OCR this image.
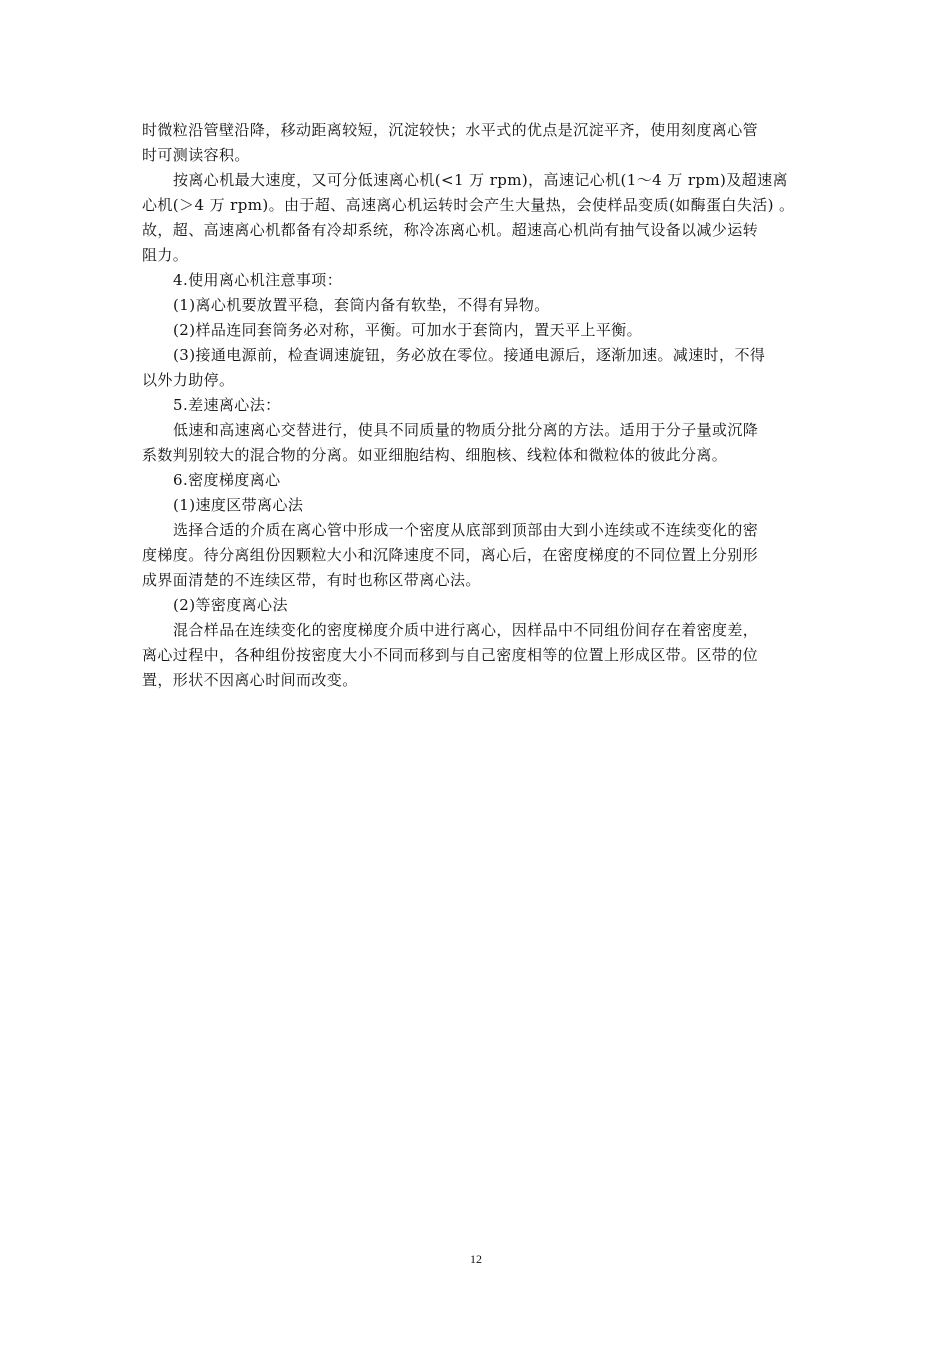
时微粒沿管壁沿降，移动距离较短，沉淀较快；水平式的优点是沉淀平齐，使用刻度离心管
时可测读容积。
按离心机最大速度，又可分低速离心机(<1 万 rpm)，高速记心机(1～4 万 rpm)及超速离
心机(＞4 万 rpm)。由于超、高速离心机运转时会产生大量热，会使样品变质(如酶蛋白失活) 。
故，超、高速离心机都备有冷却系统，称冷冻离心机。超速高心机尚有抽气设备以减少运转
阻力。
4.使用离心机注意事项：
(1)离心机要放置平稳，套筒内备有软垫，不得有异物。
(2)样品连同套筒务必对称，平衡。可加水于套筒内，置天平上平衡。
(3)接通电源前，检查调速旋钮，务必放在零位。接通电源后，逐渐加速。减速时，不得
以外力助停。
5.差速离心法：
低速和高速离心交替进行，使具不同质量的物质分批分离的方法。适用于分子量或沉降
系数判别较大的混合物的分离。如亚细胞结构、细胞核、线粒体和微粒体的彼此分离。
6.密度梯度离心
(1)速度区带离心法
选择合适的介质在离心管中形成一个密度从底部到顶部由大到小连续或不连续变化的密
度梯度。待分离组份因颗粒大小和沉降速度不同，离心后，在密度梯度的不同位置上分别形
成界面清楚的不连续区带，有时也称区带离心法。
(2)等密度离心法
混合样品在连续变化的密度梯度介质中进行离心，因样品中不同组份间存在着密度差，
离心过程中，各种组份按密度大小不同而移到与自己密度相等的位置上形成区带。区带的位
置，形状不因离心时间而改变。
12
